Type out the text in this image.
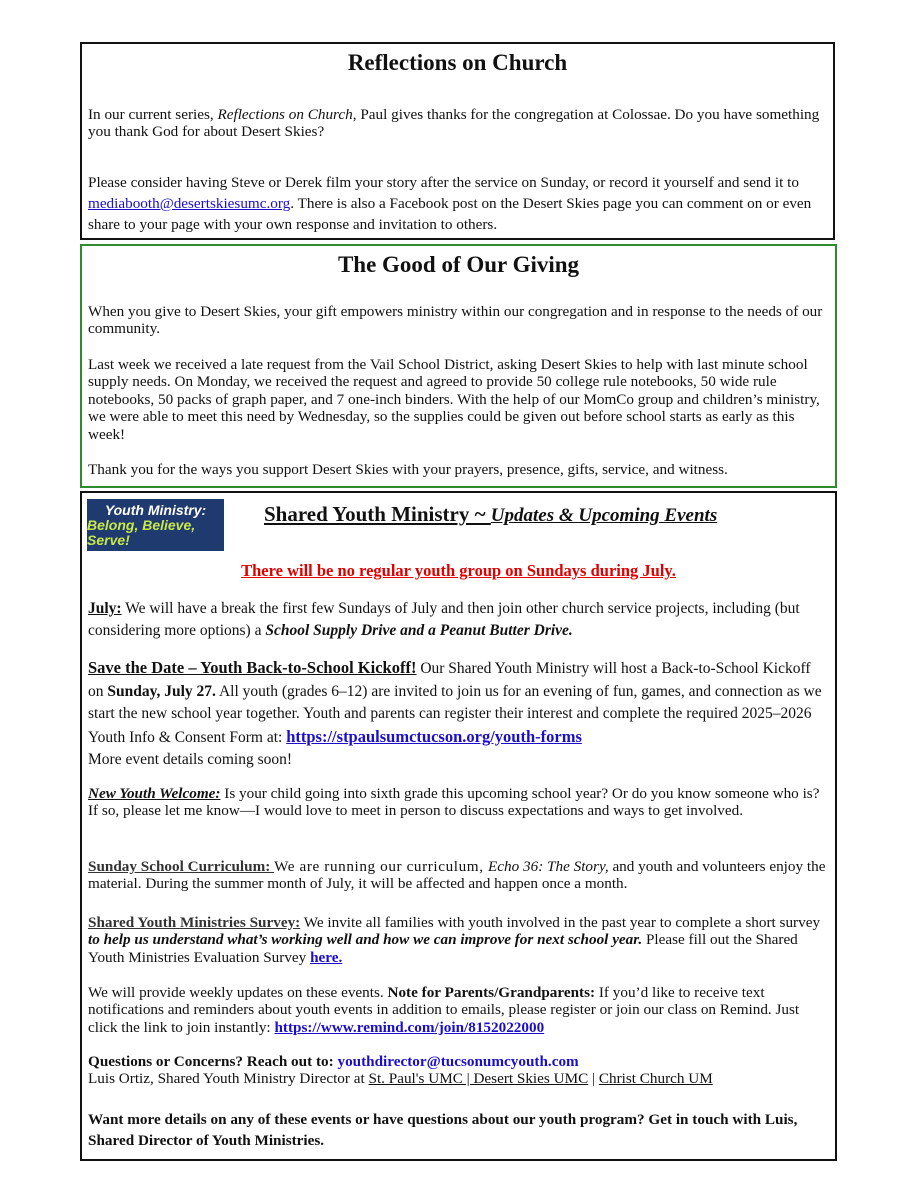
Reflections on Church

In our current series, Reflections on Church, Paul gives thanks for the congregation at Colossae. Do you have something you thank God for about Desert Skies?

Please consider having Steve or Derek film your story after the service on Sunday, or record it yourself and send it to mediabooth@desertskiesumc.org. There is also a Facebook post on the Desert Skies page you can comment on or even share to your page with your own response and invitation to others.

The Good of Our Giving

When you give to Desert Skies, your gift empowers ministry within our congregation and in response to the needs of our community.

Last week we received a late request from the Vail School District, asking Desert Skies to help with last minute school supply needs. On Monday, we received the request and agreed to provide 50 college rule notebooks, 50 wide rule notebooks, 50 packs of graph paper, and 7 one-inch binders. With the help of our MomCo group and children’s ministry, we were able to meet this need by Wednesday, so the supplies could be given out before school starts as early as this week!

Thank you for the ways you support Desert Skies with your prayers, presence, gifts, service, and witness.

Youth Ministry:
Belong, Believe, Serve!
Shared Youth Ministry ~ Updates & Upcoming Events
There will be no regular youth group on Sundays during July.

July: We will have a break the first few Sundays of July and then join other church service projects, including (but considering more options) a School Supply Drive and a Peanut Butter Drive.

Save the Date – Youth Back-to-School Kickoff! Our Shared Youth Ministry will host a Back-to-School Kickoff on Sunday, July 27. All youth (grades 6–12) are invited to join us for an evening of fun, games, and connection as we start the new school year together. Youth and parents can register their interest and complete the required 2025–2026 Youth Info & Consent Form at: https://stpaulsumctucson.org/youth-forms
More event details coming soon!

New Youth Welcome: Is your child going into sixth grade this upcoming school year? Or do you know someone who is? If so, please let me know—I would love to meet in person to discuss expectations and ways to get involved.

Sunday School Curriculum: We are running our curriculum, Echo 36: The Story, and youth and volunteers enjoy the material. During the summer month of July, it will be affected and happen once a month.

Shared Youth Ministries Survey: We invite all families with youth involved in the past year to complete a short survey to help us understand what’s working well and how we can improve for next school year. Please fill out the Shared Youth Ministries Evaluation Survey here.

We will provide weekly updates on these events. Note for Parents/Grandparents: If you’d like to receive text notifications and reminders about youth events in addition to emails, please register or join our class on Remind. Just click the link to join instantly: https://www.remind.com/join/8152022000

Questions or Concerns? Reach out to: youthdirector@tucsonumcyouth.com
Luis Ortiz, Shared Youth Ministry Director at St. Paul's UMC | Desert Skies UMC | Christ Church UM

Want more details on any of these events or have questions about our youth program? Get in touch with Luis, Shared Director of Youth Ministries.
